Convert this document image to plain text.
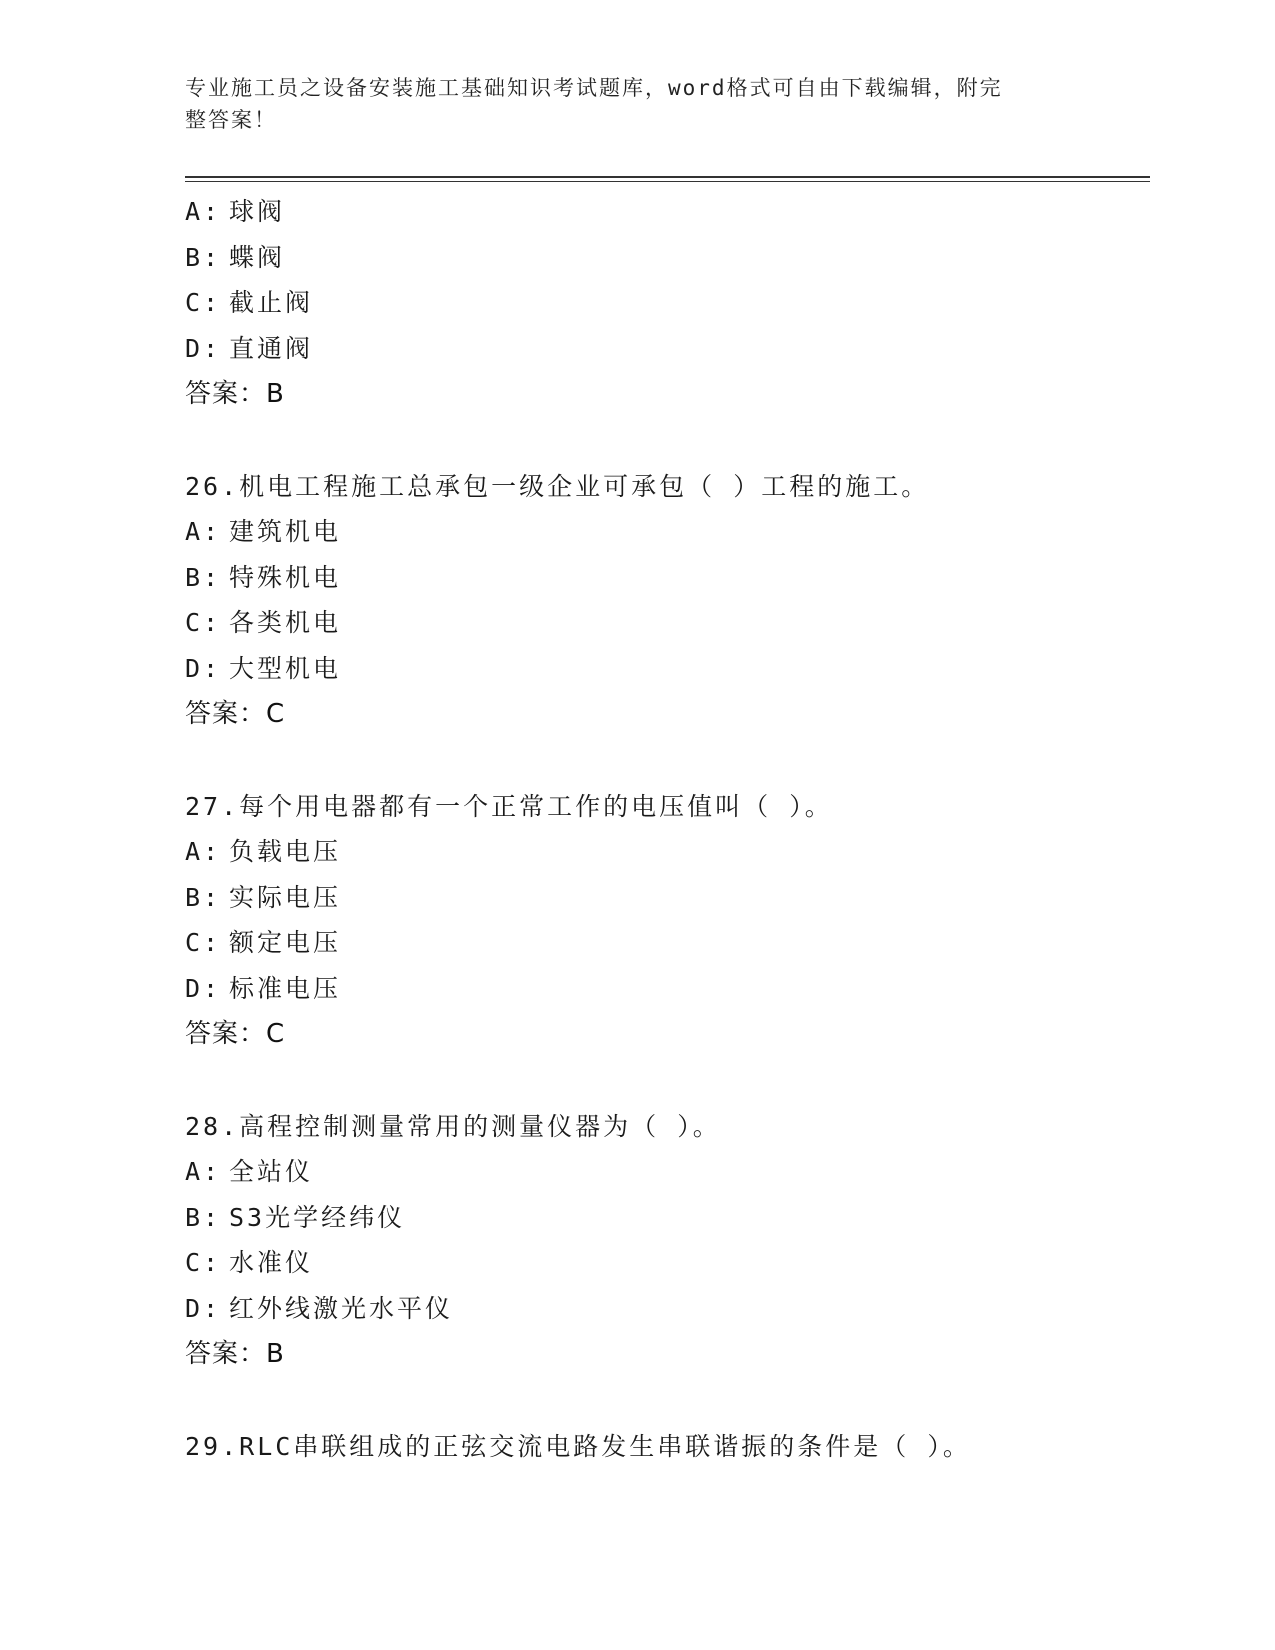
专业施工员之设备安装施工基础知识考试题库，word格式可自由下载编辑，附完
整答案！
A: 球阀
B: 蝶阀
C: 截止阀
D: 直通阀
答案：B
26.机电工程施工总承包一级企业可承包（ ）工程的施工。
A: 建筑机电
B: 特殊机电
C: 各类机电
D: 大型机电
答案：C
27.每个用电器都有一个正常工作的电压值叫（ ）。
A: 负载电压
B: 实际电压
C: 额定电压
D: 标准电压
答案：C
28.高程控制测量常用的测量仪器为（ ）。
A: 全站仪
B: S3光学经纬仪
C: 水准仪
D: 红外线激光水平仪
答案：B
29.RLC串联组成的正弦交流电路发生串联谐振的条件是（ ）。
